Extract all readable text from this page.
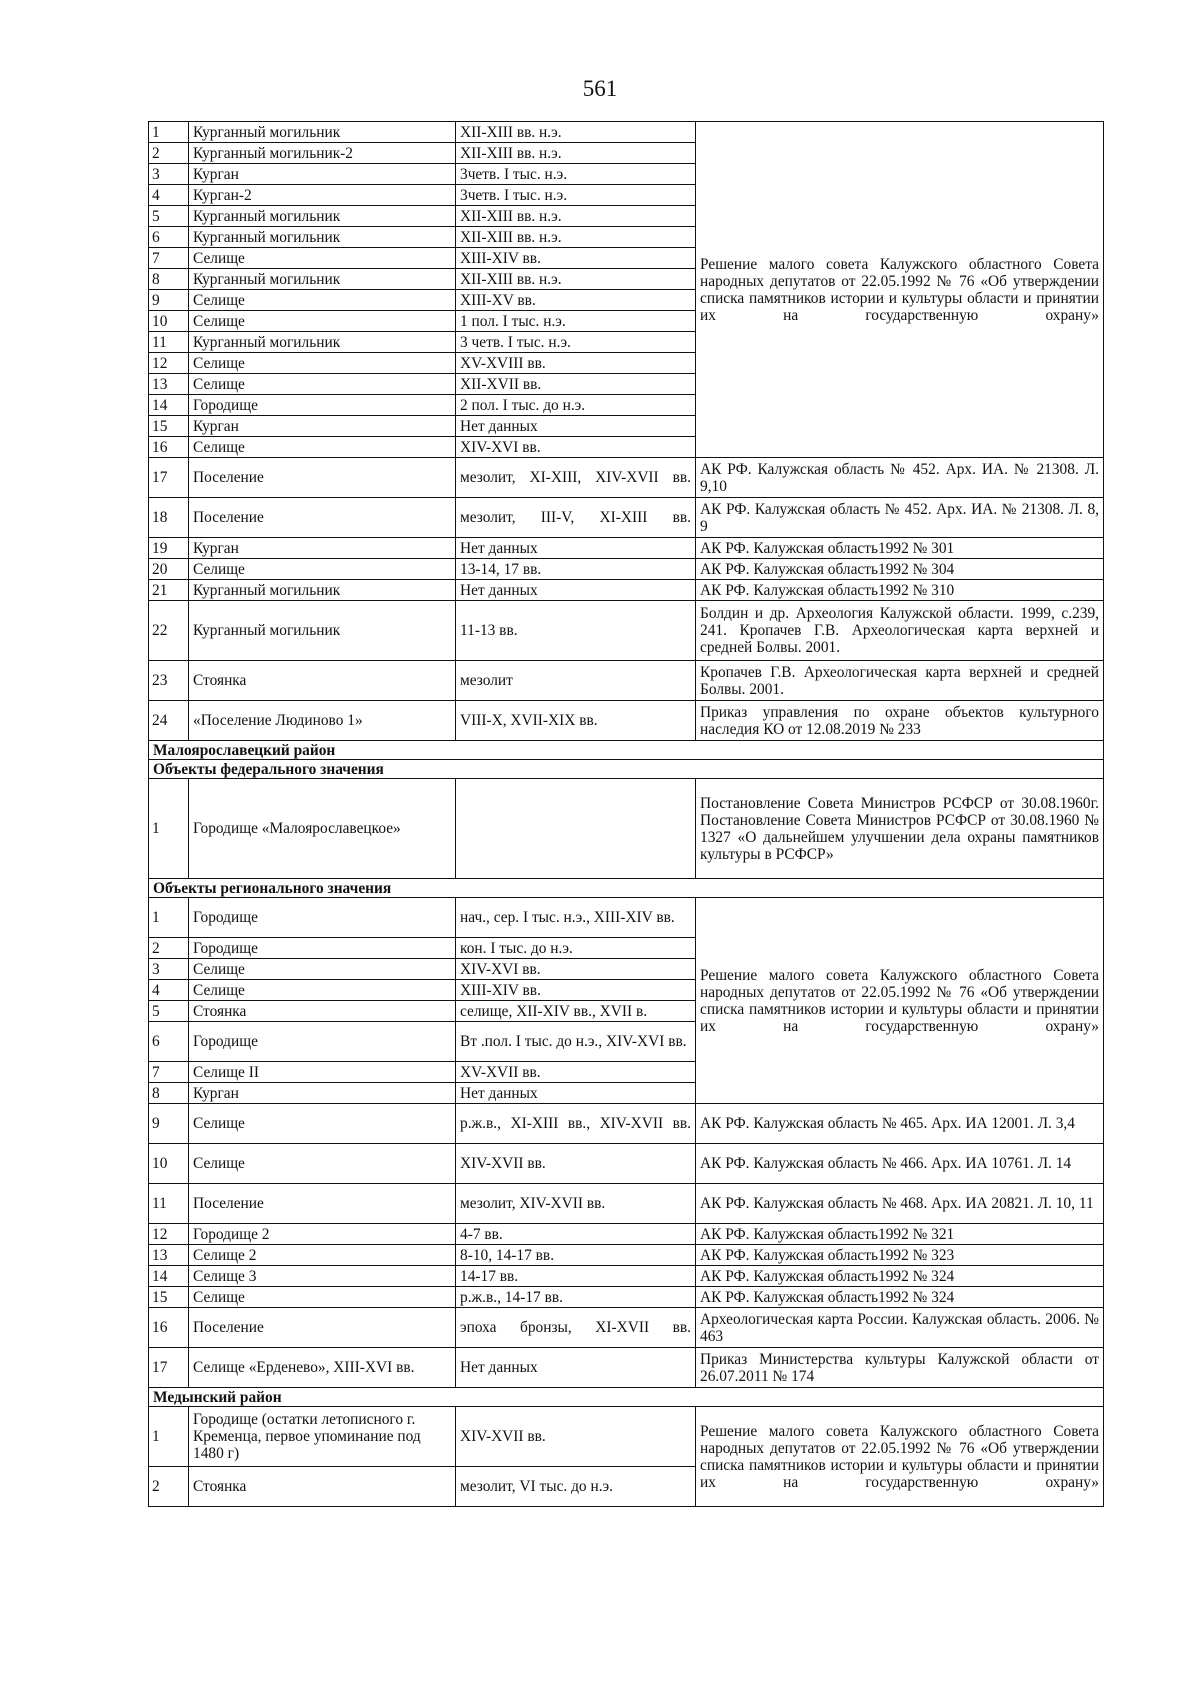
561
1	Курганный могильник	XII-XIII вв. н.э.	Решение малого совета Калужского областного Совета народных депутатов от 22.05.1992 № 76 «Об утверждении списка памятников истории и культуры области и принятии их на государственную охрану»
2	Курганный могильник-2	XII-XIII вв. н.э.	
3	Курган	3четв. I тыс. н.э.	
4	Курган-2	3четв. I тыс. н.э.	
5	Курганный могильник	XII-XIII вв. н.э.	
6	Курганный могильник	XII-XIII вв. н.э.	
7	Селище	XIII-XIV вв.	
8	Курганный могильник	XII-XIII вв. н.э.	
9	Селище	XIII-XV вв.	
10	Селище	1 пол. I тыс. н.э.	
11	Курганный могильник	3 четв. I тыс. н.э.	
12	Селище	XV-XVIII вв.	
13	Селище	XII-XVII вв.	
14	Городище	2 пол. I тыс. до н.э.	
15	Курган	Нет данных	
16	Селище	XIV-XVI вв.	
17	Поселение	мезолит, XI-XIII, XIV-XVII вв.	АК РФ. Калужская область № 452. Арх. ИА. № 21308. Л. 9,10
18	Поселение	мезолит, III-V, XI-XIII вв.	АК РФ. Калужская область № 452. Арх. ИА. № 21308. Л. 8, 9
19	Курган	Нет данных	АК РФ. Калужская область1992 № 301
20	Селище	13-14, 17 вв.	АК РФ. Калужская область1992 № 304
21	Курганный могильник	Нет данных	АК РФ. Калужская область1992 № 310
22	Курганный могильник	11-13 вв.	Болдин и др. Археология Калужской области. 1999, с.239, 241. Кропачев Г.В. Археологическая карта верхней и средней Болвы. 2001.
23	Стоянка	мезолит	Кропачев Г.В. Археологическая карта верхней и средней Болвы. 2001.
24	«Поселение Людиново 1»	VIII-X, XVII-XIX вв.	Приказ управления по охране объектов культурного наследия КО от 12.08.2019 № 233
Малоярославецкий район			
Объекты федерального значения			
1	Городище «Малоярославецкое»		Постановление Совета Министров РСФСР от 30.08.1960г. Постановление Совета Министров РСФСР от 30.08.1960 № 1327 «О дальнейшем улучшении дела охраны памятников культуры в РСФСР»
Объекты регионального значения			
1	Городище	нач., сер. I тыс. н.э., XIII-XIV вв.	Решение малого совета Калужского областного Совета народных депутатов от 22.05.1992 № 76 «Об утверждении списка памятников истории и культуры области и принятии их на государственную охрану»
2	Городище	кон. I тыс. до н.э.	
3	Селище	XIV-XVI вв.	
4	Селище	XIII-XIV вв.	
5	Стоянка	селище, XII-XIV вв., XVII в.	
6	Городище	Вт .пол. I тыс. до н.э., XIV-XVI вв.	
7	Селище II	XV-XVII вв.	
8	Курган	Нет данных	
9	Селище	р.ж.в., XI-XIII вв., XIV-XVII вв.	АК РФ. Калужская область № 465. Арх. ИА 12001. Л. 3,4
10	Селище	XIV-XVII вв.	АК РФ. Калужская область № 466. Арх. ИА 10761. Л. 14
11	Поселение	мезолит, XIV-XVII вв.	АК РФ. Калужская область № 468. Арх. ИА 20821. Л. 10, 11
12	Городище 2	4-7 вв.	АК РФ. Калужская область1992 № 321
13	Селище 2	8-10, 14-17 вв.	АК РФ. Калужская область1992 № 323
14	Селище 3	14-17 вв.	АК РФ. Калужская область1992 № 324
15	Селище	р.ж.в., 14-17 вв.	АК РФ. Калужская область1992 № 324
16	Поселение	эпоха бронзы, XI-XVII вв.	Археологическая карта России. Калужская область. 2006. № 463
17	Селище «Ерденево», XIII-XVI вв.	Нет данных	Приказ Министерства культуры Калужской области от 26.07.2011 № 174
Медынский район			
1	Городище (остатки летописного г. Кременца, первое упоминание под 1480 г)	XIV-XVII вв.	Решение малого совета Калужского областного Совета народных депутатов от 22.05.1992 № 76 «Об утверждении списка памятников истории и культуры области и принятии их на государственную охрану»
2	Стоянка	мезолит, VI тыс. до н.э.	
